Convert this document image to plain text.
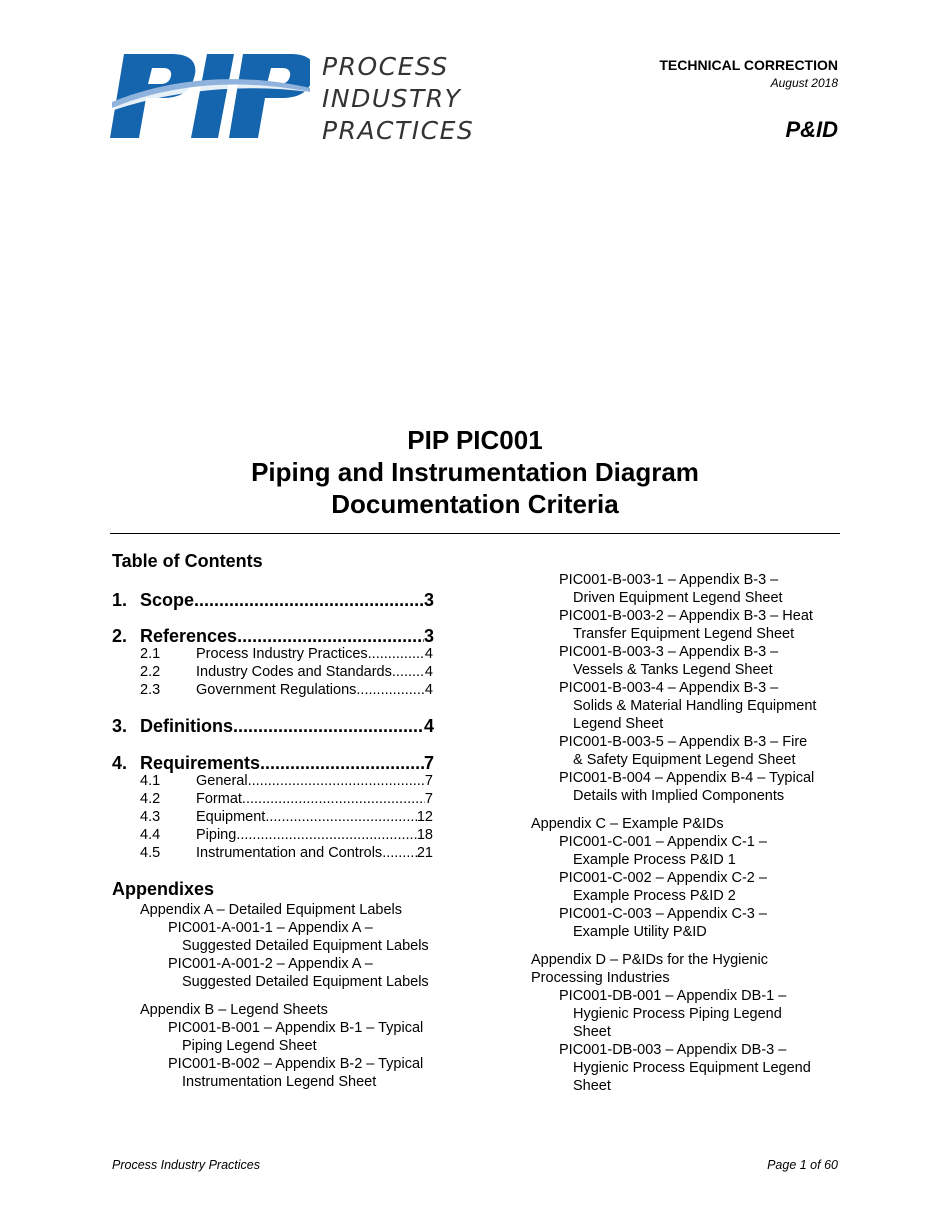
PROCESS
INDUSTRY
PRACTICES
TECHNICAL CORRECTION
August 2018
P&ID
PIP PIC001
Piping and Instrumentation Diagram
Documentation Criteria
Table of Contents
1. Scope .....	3
2. References .....	3
2.1	Process Industry Practices .....	4
2.2	Industry Codes and Standards ..... 4
2.3	Government Regulations .....	4
3. Definitions .....	4
4. Requirements .....	7
4.1	General .....	7
4.2	Format .....	7
4.3	Equipment .....	12
4.4	Piping .....	18
4.5	Instrumentation and Controls ..... 21
Appendixes
Appendix A – Detailed Equipment Labels
PIC001-A-001-1 – Appendix A –
Suggested Detailed Equipment Labels
PIC001-A-001-2 – Appendix A –
Suggested Detailed Equipment Labels
Appendix B – Legend Sheets
PIC001-B-001 – Appendix B-1 – Typical
Piping Legend Sheet
PIC001-B-002 – Appendix B-2 – Typical
Instrumentation Legend Sheet
PIC001-B-003-1 – Appendix B-3 –
Driven Equipment Legend Sheet
PIC001-B-003-2 – Appendix B-3 – Heat
Transfer Equipment Legend Sheet
PIC001-B-003-3 – Appendix B-3 –
Vessels & Tanks Legend Sheet
PIC001-B-003-4 – Appendix B-3 –
Solids & Material Handling Equipment
Legend Sheet
PIC001-B-003-5 – Appendix B-3 – Fire
& Safety Equipment Legend Sheet
PIC001-B-004 – Appendix B-4 – Typical
Details with Implied Components
Appendix C – Example P&IDs
PIC001-C-001 – Appendix C-1 –
Example Process P&ID 1
PIC001-C-002 – Appendix C-2 –
Example Process P&ID 2
PIC001-C-003 – Appendix C-3 –
Example Utility P&ID
Appendix D – P&IDs for the Hygienic
Processing Industries
PIC001-DB-001 – Appendix DB-1 –
Hygienic Process Piping Legend
Sheet
PIC001-DB-003 – Appendix DB-3 –
Hygienic Process Equipment Legend
Sheet
Process Industry Practices	Page 1 of 60
